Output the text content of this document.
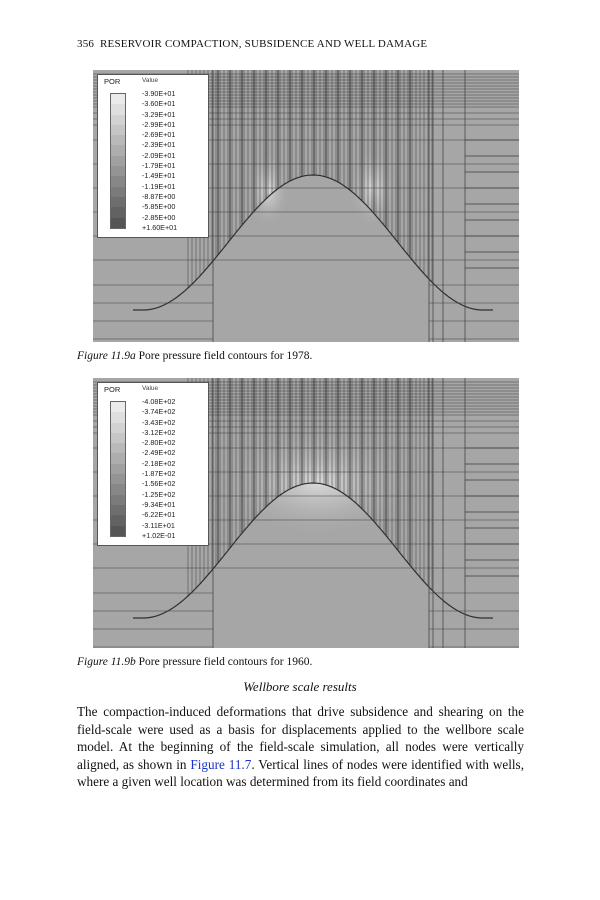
356 RESERVOIR COMPACTION, SUBSIDENCE AND WELL DAMAGE
POR	Value
-3.90E+01
-3.60E+01
-3.29E+01
-2.99E+01
-2.69E+01
-2.39E+01
-2.09E+01
-1.79E+01
-1.49E+01
-1.19E+01
-8.87E+00
-5.85E+00
-2.85E+00
+1.60E+01
Figure 11.9a Pore pressure field contours for 1978.
POR	Value
-4.08E+02
-3.74E+02
-3.43E+02
-3.12E+02
-2.80E+02
-2.49E+02
-2.18E+02
-1.87E+02
-1.56E+02
-1.25E+02
-9.34E+01
-6.22E+01
-3.11E+01
+1.02E-01
Figure 11.9b Pore pressure field contours for 1960.
Wellbore scale results

The compaction-induced deformations that drive subsidence and shearing on the field-scale were used as a basis for displacements applied to the wellbore scale model. At the beginning of the field-scale simulation, all nodes were vertically aligned, as shown in Figure 11.7. Vertical lines of nodes were identified with wells, where a given well location was determined from its field coordinates and
